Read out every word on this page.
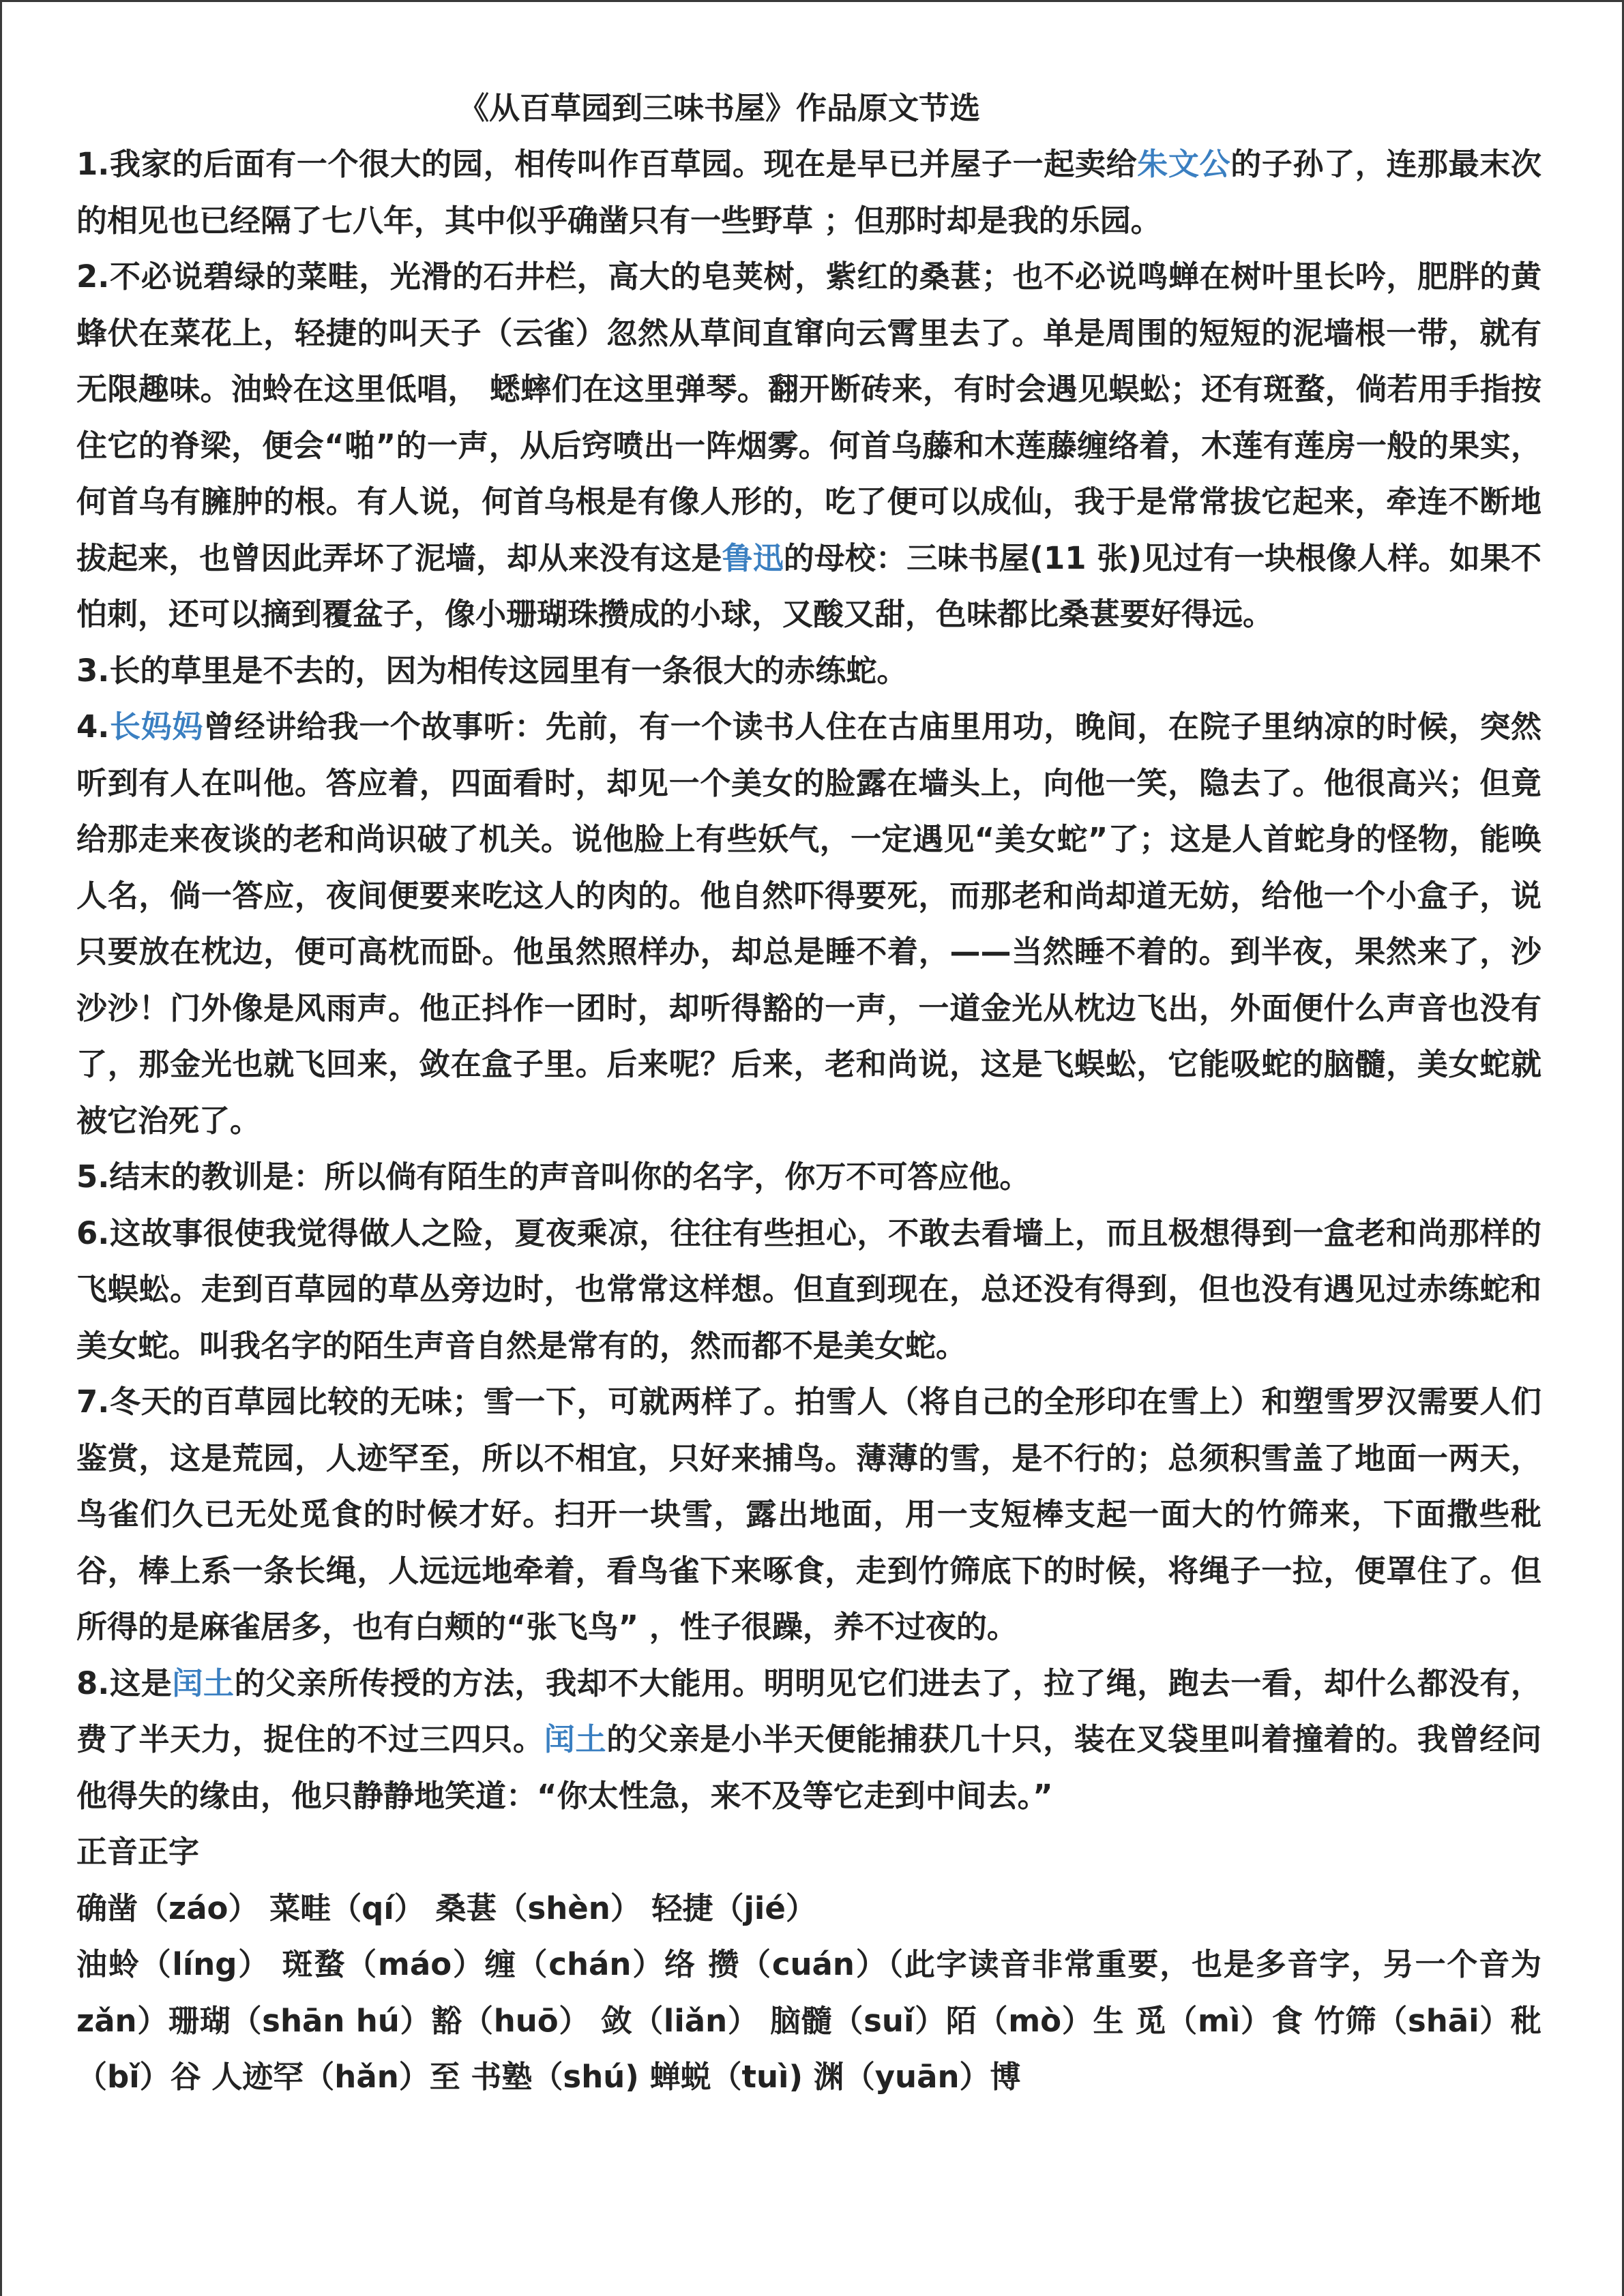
《从百草园到三味书屋》作品原文节选

1.我家的后面有一个很大的园，相传叫作百草园。现在是早已并屋子一起卖给朱文公的子孙了，连那最末次的相见也已经隔了七八年，其中似乎确凿只有一些野草 ；但那时却是我的乐园。

2.不必说碧绿的菜畦，光滑的石井栏，高大的皂荚树，紫红的桑葚；也不必说鸣蝉在树叶里长吟，肥胖的黄蜂伏在菜花上，轻捷的叫天子（云雀）忽然从草间直窜向云霄里去了。单是周围的短短的泥墙根一带，就有无限趣味。油蛉在这里低唱， 蟋蟀们在这里弹琴。翻开断砖来，有时会遇见蜈蚣；还有斑蝥，倘若用手指按住它的脊梁，便会“啪”的一声，从后窍喷出一阵烟雾。何首乌藤和木莲藤缠络着，木莲有莲房一般的果实，何首乌有臃肿的根。有人说，何首乌根是有像人形的，吃了便可以成仙，我于是常常拔它起来，牵连不断地拔起来，也曾因此弄坏了泥墙，却从来没有这是鲁迅的母校：三味书屋(11 张)见过有一块根像人样。如果不怕刺，还可以摘到覆盆子，像小珊瑚珠攒成的小球，又酸又甜，色味都比桑葚要好得远。

3.长的草里是不去的，因为相传这园里有一条很大的赤练蛇。

4.长妈妈曾经讲给我一个故事听：先前，有一个读书人住在古庙里用功，晚间，在院子里纳凉的时候，突然听到有人在叫他。答应着，四面看时，却见一个美女的脸露在墙头上，向他一笑，隐去了。他很高兴；但竟给那走来夜谈的老和尚识破了机关。说他脸上有些妖气，一定遇见“美女蛇”了；这是人首蛇身的怪物，能唤人名，倘一答应，夜间便要来吃这人的肉的。他自然吓得要死，而那老和尚却道无妨，给他一个小盒子，说只要放在枕边，便可高枕而卧。他虽然照样办，却总是睡不着，——当然睡不着的。到半夜，果然来了，沙沙沙！门外像是风雨声。他正抖作一团时，却听得豁的一声，一道金光从枕边飞出，外面便什么声音也没有了，那金光也就飞回来，敛在盒子里。后来呢？后来，老和尚说，这是飞蜈蚣，它能吸蛇的脑髓，美女蛇就被它治死了。

5.结末的教训是：所以倘有陌生的声音叫你的名字，你万不可答应他。

6.这故事很使我觉得做人之险，夏夜乘凉，往往有些担心，不敢去看墙上，而且极想得到一盒老和尚那样的飞蜈蚣。走到百草园的草丛旁边时，也常常这样想。但直到现在，总还没有得到，但也没有遇见过赤练蛇和美女蛇。叫我名字的陌生声音自然是常有的，然而都不是美女蛇。

7.冬天的百草园比较的无味；雪一下，可就两样了。拍雪人（将自己的全形印在雪上）和塑雪罗汉需要人们鉴赏，这是荒园，人迹罕至，所以不相宜，只好来捕鸟。薄薄的雪，是不行的；总须积雪盖了地面一两天，鸟雀们久已无处觅食的时候才好。扫开一块雪，露出地面，用一支短棒支起一面大的竹筛来，下面撒些秕谷，棒上系一条长绳，人远远地牵着，看鸟雀下来啄食，走到竹筛底下的时候，将绳子一拉，便罩住了。但所得的是麻雀居多，也有白颊的“张飞鸟” ，性子很躁，养不过夜的。

8.这是闰土的父亲所传授的方法，我却不大能用。明明见它们进去了，拉了绳，跑去一看，却什么都没有，费了半天力，捉住的不过三四只。闰土的父亲是小半天便能捕获几十只，装在叉袋里叫着撞着的。我曾经问他得失的缘由，他只静静地笑道：“你太性急，来不及等它走到中间去。”

正音正字

确凿（záo） 菜畦（qí） 桑葚（shèn） 轻捷（jié）

油蛉（líng） 斑蝥（máo）缠（chán）络 攒（cuán）（此字读音非常重要，也是多音字，另一个音为 zǎn）珊瑚（shān hú）豁（huō） 敛（liǎn） 脑髓（suǐ）陌（mò）生 觅（mì）食 竹筛（shāi）秕（bǐ）谷 人迹罕（hǎn）至 书塾（shú) 蝉蜕（tuì) 渊（yuān）博
